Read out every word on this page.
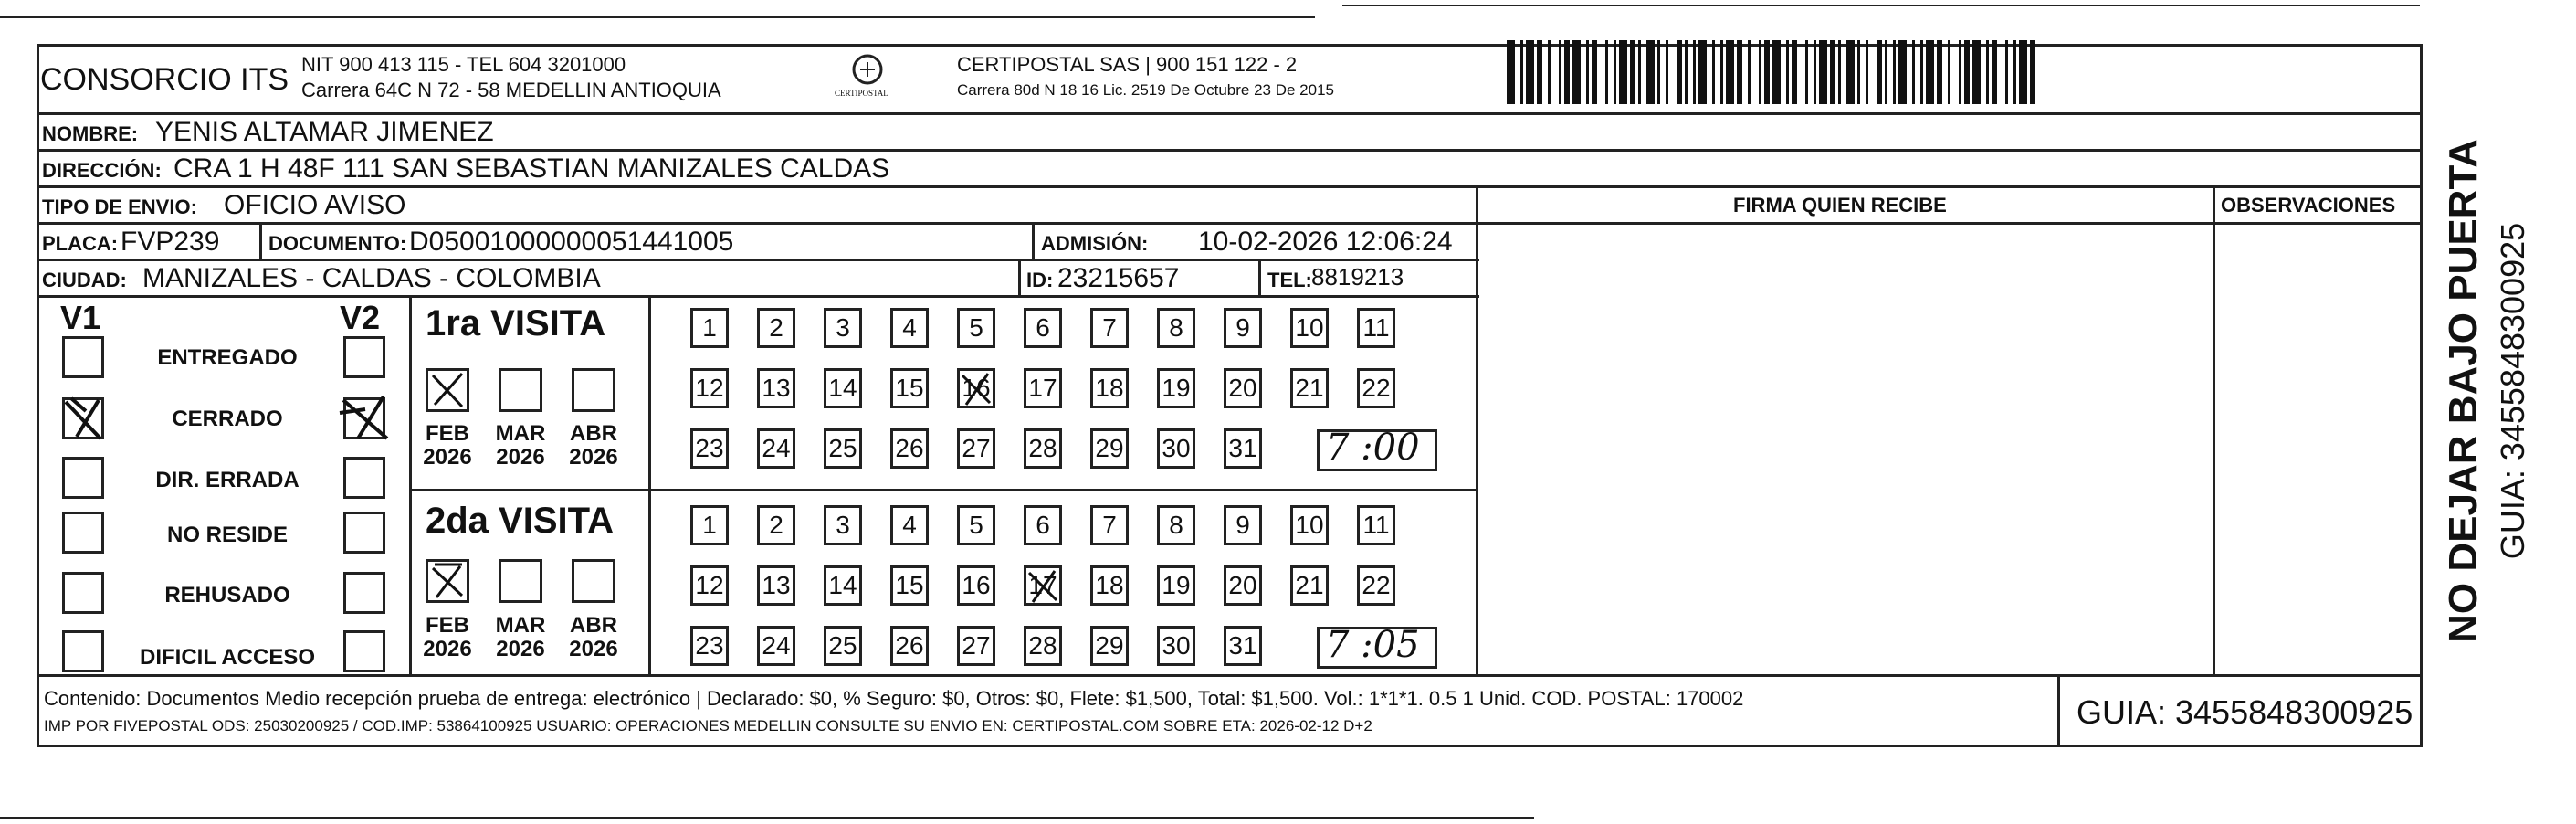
CONSORCIO ITS NIT 900 413 115 - TEL 604 3201000
Carrera 64C N 72 - 58 MEDELLIN ANTIOQUIA	CERTIPOSTAL
CERTIPOSTAL SAS | 900 151 122 - 2
Carrera 80d N 18 16 Lic. 2519 De Octubre 23 De 2015
NOMBRE: YENIS ALTAMAR JIMENEZ
DIRECCIÓN: CRA 1 H 48F 111 SAN SEBASTIAN MANIZALES CALDAS
TIPO DE ENVIO: OFICIO AVISO	FIRMA QUIEN RECIBE	OBSERVACIONES
PLACA: FVP239 DOCUMENTO: D05001000000051441005	ADMISIÓN: 10-02-2026 12:06:24
CIUDAD: MANIZALES - CALDAS - COLOMBIA	ID: 23215657	TEL: 8819213
V1	V2
ENTREGADO
CERRADO
DIR. ERRADA
NO RESIDE
REHUSADO
DIFICIL ACCESO
1ra VISITA
FEB
2026
MAR
2026
ABR
2026
1	2	3	4	5	6	7	8	9	10 11
12 13 14 15 16 17 18 19 20 21 22
23 24 25 26 27 28 29 30 31
2da VISITA
FEB
2026
MAR
2026
ABR
2026
1	2	3	4	5	6	7	8	9	10 11
12 13 14 15 16 17 18 19 20 21 22
23 24 25 26 27 28 29 30 31
7 :00
7 :05
Contenido: Documentos Medio recepción prueba de entrega: electrónico | Declarado: $0, % Seguro: $0, Otros: $0, Flete: $1,500, Total: $1,500. Vol.: 1*1*1. 0.5 1 Unid. COD. POSTAL: 170002
IMP POR FIVEPOSTAL ODS: 25030200925 / COD.IMP: 53864100925 USUARIO: OPERACIONES MEDELLIN CONSULTE SU ENVIO EN: CERTIPOSTAL.COM SOBRE ETA: 2026-02-12 D+2	GUIA: 3455848300925
NO DEJAR BAJO PUERTA GUIA: 3455848300925
